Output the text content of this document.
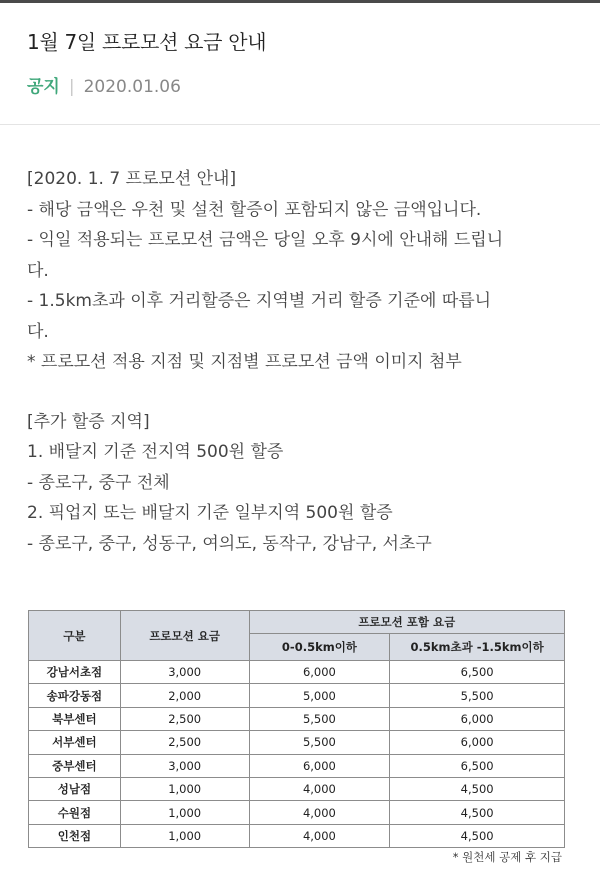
1월 7일 프로모션 요금 안내
공지 | 2020.01.06
[2020. 1. 7 프로모션 안내]
- 해당 금액은 우천 및 설천 할증이 포함되지 않은 금액입니다.
- 익일 적용되는 프로모션 금액은 당일 오후 9시에 안내해 드립니
다.
- 1.5km초과 이후 거리할증은 지역별 거리 할증 기준에 따릅니
다.
* 프로모션 적용 지점 및 지점별 프로모션 금액 이미지 첨부
[추가 할증 지역]
1. 배달지 기준 전지역 500원 할증
- 종로구, 중구 전체
2. 픽업지 또는 배달지 기준 일부지역 500원 할증
- 종로구, 중구, 성동구, 여의도, 동작구, 강남구, 서초구
구분	프로모션 요금	프로모션 포함 요금	
		0-0.5km이하	0.5km초과 -1.5km이하
강남서초점	3,000	6,000	6,500
송파강동점	2,000	5,000	5,500
북부센터	2,500	5,500	6,000
서부센터	2,500	5,500	6,000
중부센터	3,000	6,000	6,500
성남점	1,000	4,000	4,500
수원점	1,000	4,000	4,500
인천점	1,000	4,000	4,500
* 원천세 공제 후 지급
